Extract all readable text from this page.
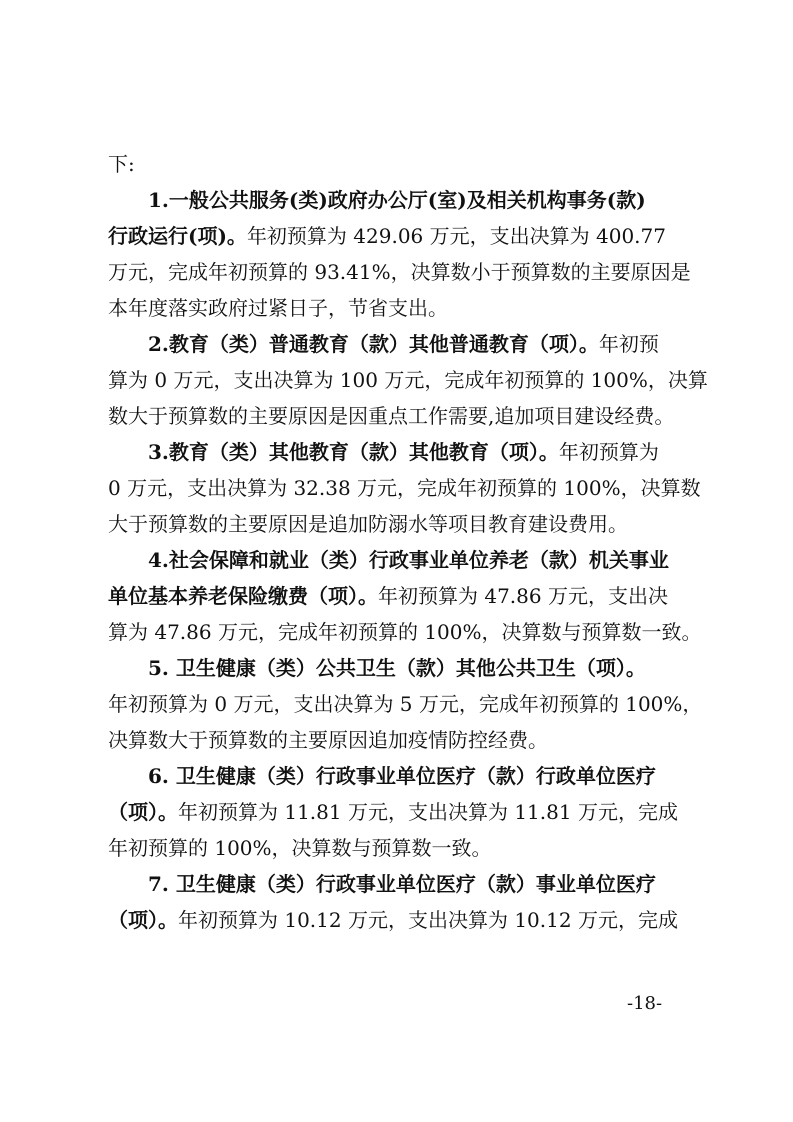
下:
1.一般公共服务(类)政府办公厅(室)及相关机构事务(款)
行政运行(项)。年初预算为 429.06 万元，支出决算为 400.77
万元，完成年初预算的 93.41%，决算数小于预算数的主要原因是
本年度落实政府过紧日子，节省支出。
2.教育（类）普通教育（款）其他普通教育（项）。年初预
算为 0 万元，支出决算为 100 万元，完成年初预算的 100%，决算
数大于预算数的主要原因是因重点工作需要,追加项目建设经费。
3.教育（类）其他教育（款）其他教育（项）。年初预算为
0 万元，支出决算为 32.38 万元，完成年初预算的 100%，决算数
大于预算数的主要原因是追加防溺水等项目教育建设费用。
4.社会保障和就业（类）行政事业单位养老（款）机关事业
单位基本养老保险缴费（项）。年初预算为 47.86 万元，支出决
算为 47.86 万元，完成年初预算的 100%，决算数与预算数一致。
5. 卫生健康（类）公共卫生（款）其他公共卫生（项）。
年初预算为 0 万元，支出决算为 5 万元，完成年初预算的 100%，
决算数大于预算数的主要原因追加疫情防控经费。
6. 卫生健康（类）行政事业单位医疗（款）行政单位医疗
（项）。年初预算为 11.81 万元，支出决算为 11.81 万元，完成
年初预算的 100%，决算数与预算数一致。
7. 卫生健康（类）行政事业单位医疗（款）事业单位医疗
（项）。年初预算为 10.12 万元，支出决算为 10.12 万元，完成
-18-
